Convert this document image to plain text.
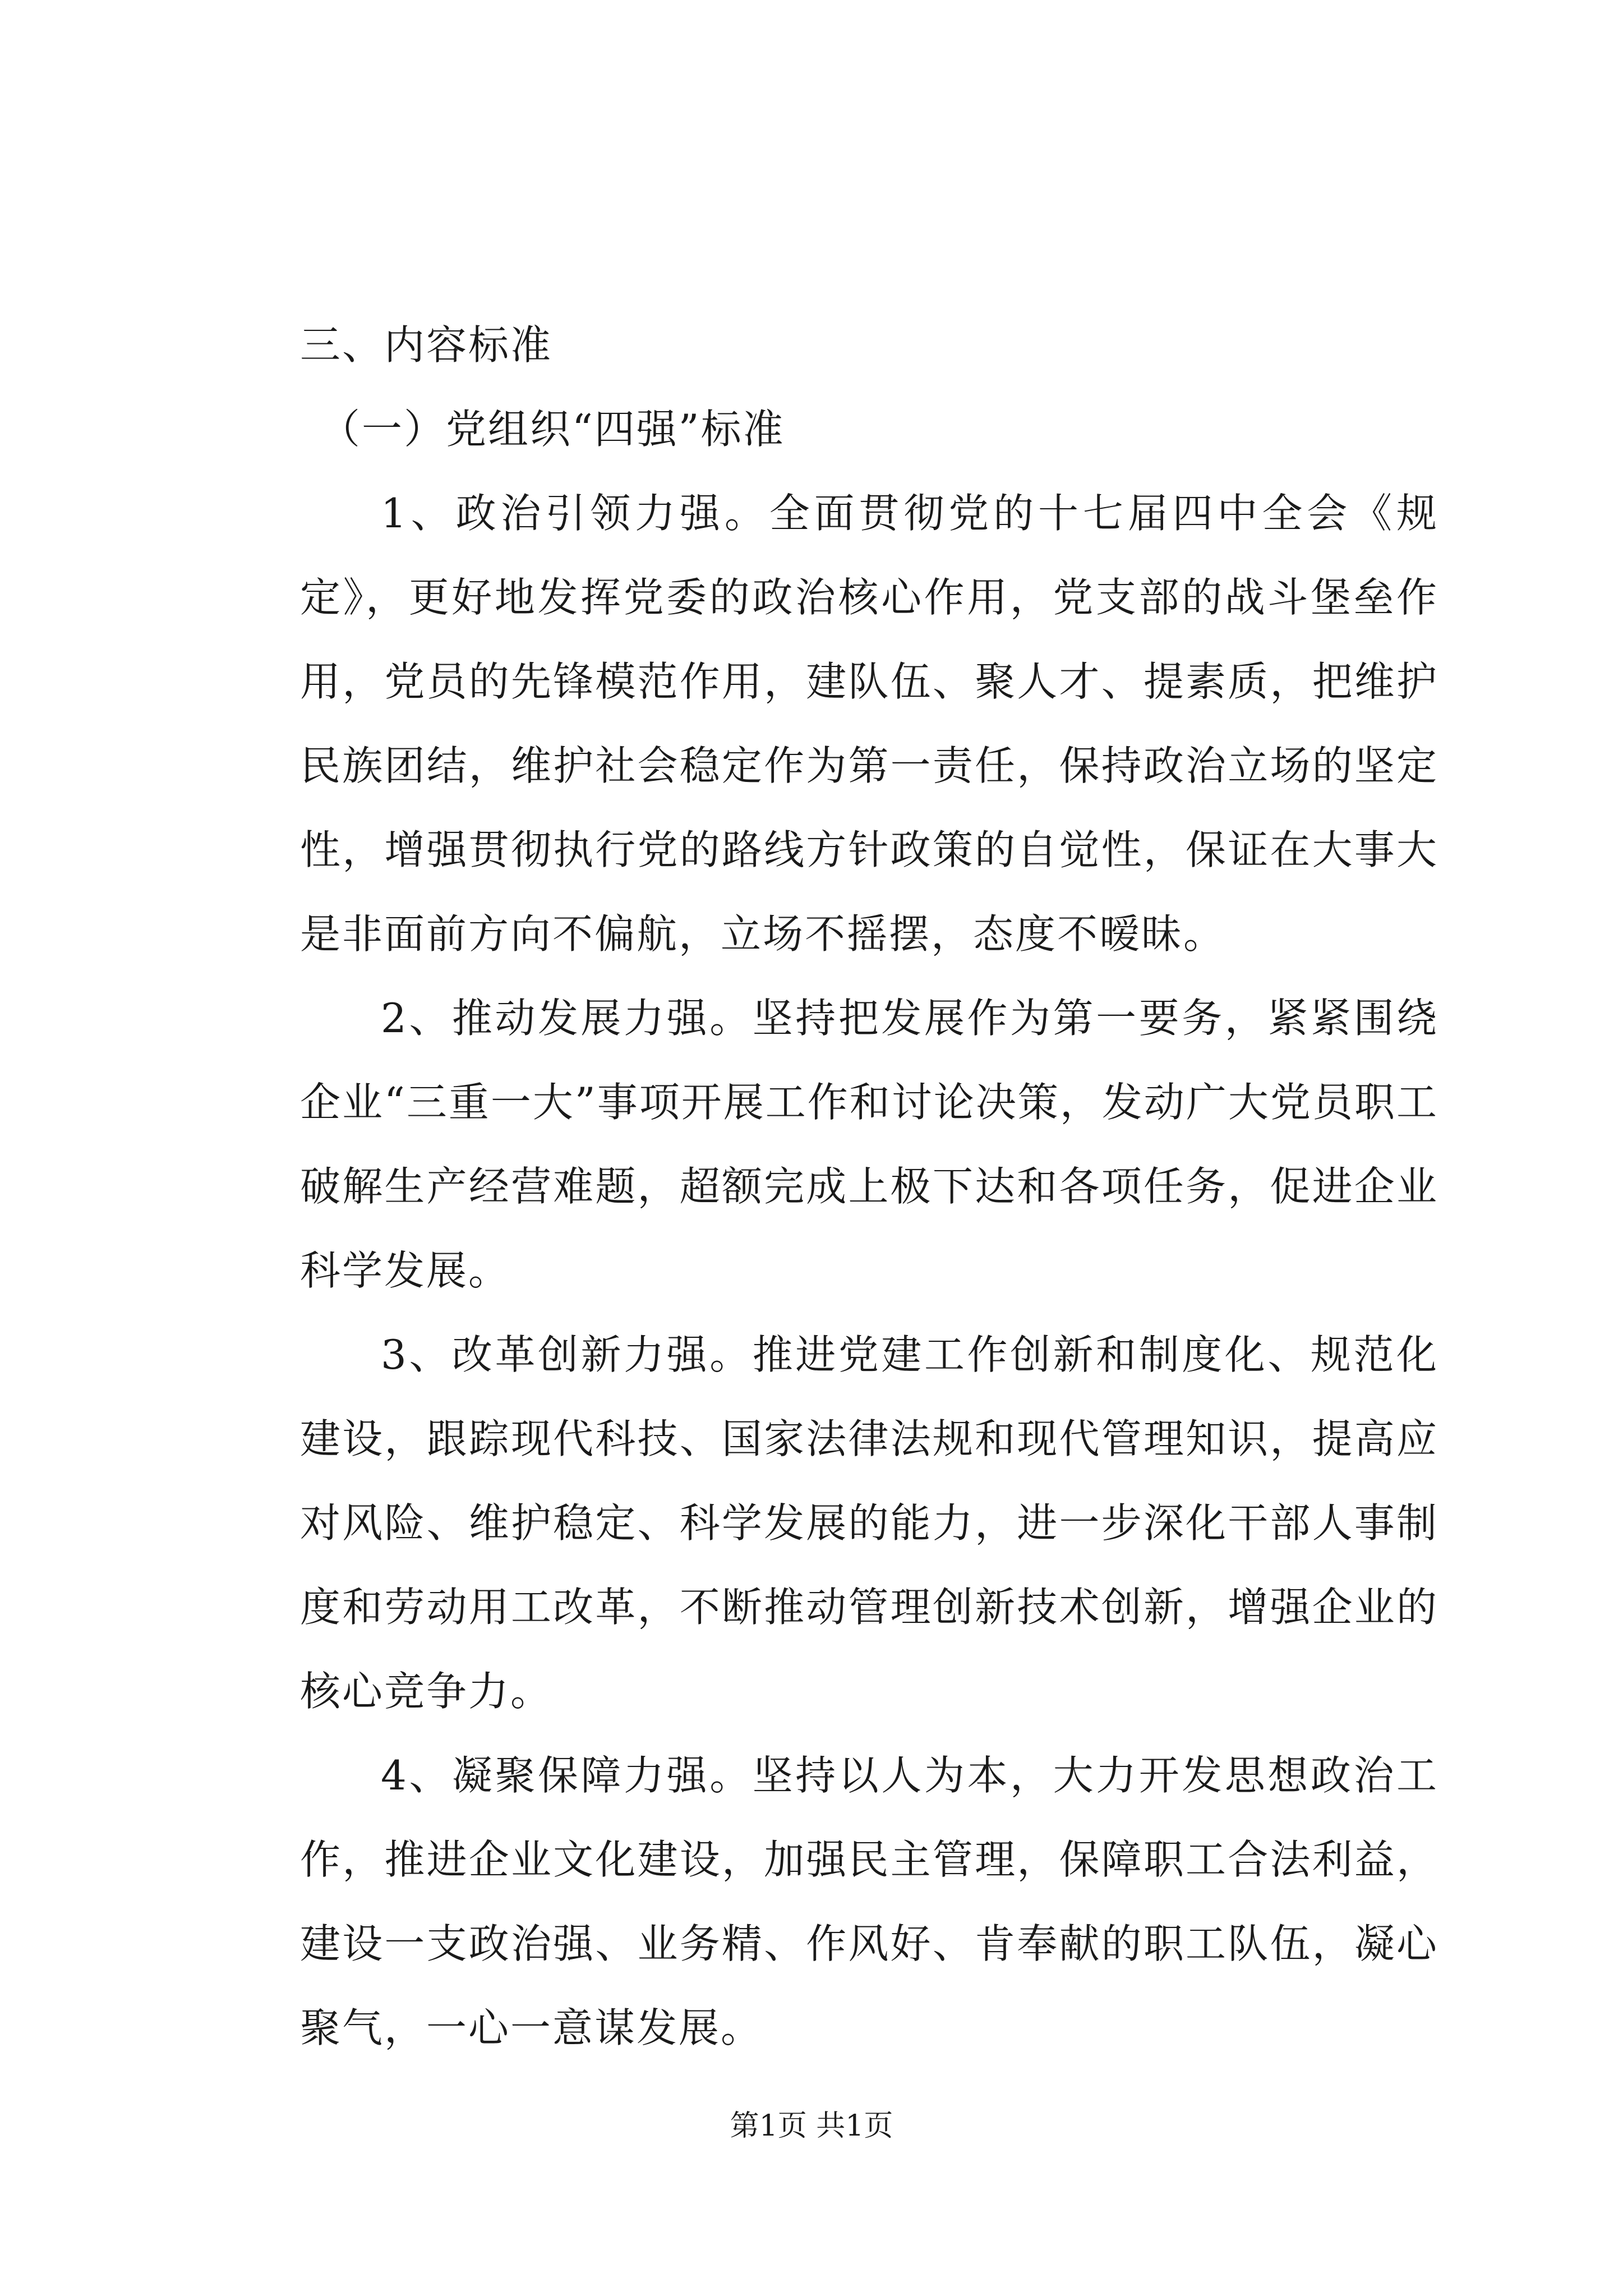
三、内容标准

（一）党组织“四强”标准

1、政治引领力强。全面贯彻党的十七届四中全会《规定》，更好地发挥党委的政治核心作用，党支部的战斗堡垒作用，党员的先锋模范作用，建队伍、聚人才、提素质，把维护民族团结，维护社会稳定作为第一责任，保持政治立场的坚定性，增强贯彻执行党的路线方针政策的自觉性，保证在大事大是非面前方向不偏航，立场不摇摆，态度不暧昧。

2、推动发展力强。坚持把发展作为第一要务，紧紧围绕企业“三重一大”事项开展工作和讨论决策，发动广大党员职工破解生产经营难题，超额完成上极下达和各项任务，促进企业科学发展。

3、改革创新力强。推进党建工作创新和制度化、规范化建设，跟踪现代科技、国家法律法规和现代管理知识，提高应对风险、维护稳定、科学发展的能力，进一步深化干部人事制度和劳动用工改革，不断推动管理创新技术创新，增强企业的核心竞争力。

4、凝聚保障力强。坚持以人为本，大力开发思想政治工作，推进企业文化建设，加强民主管理，保障职工合法利益，建设一支政治强、业务精、作风好、肯奉献的职工队伍，凝心聚气，一心一意谋发展。

第1页 共1页
